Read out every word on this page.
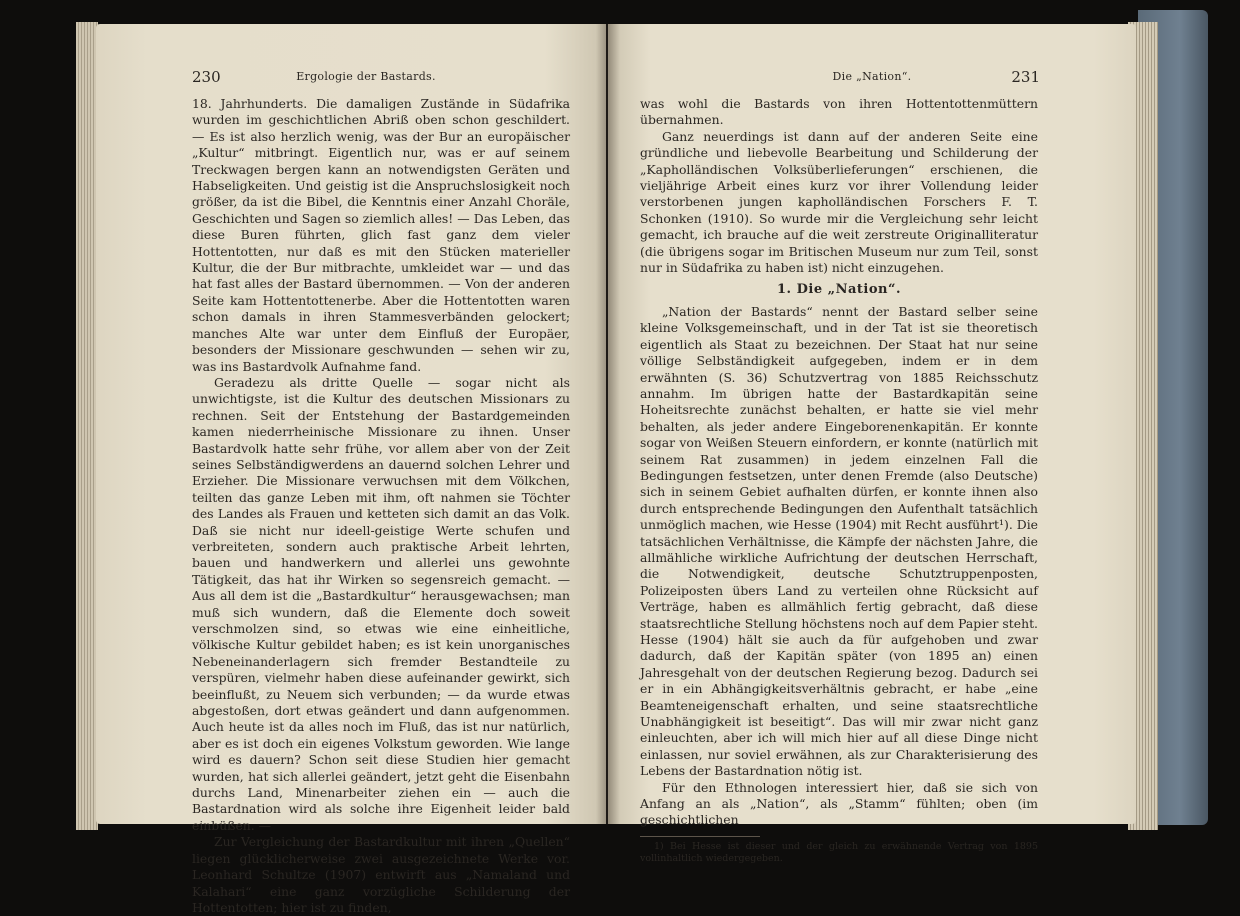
230	Ergologie der Bastards.

18. Jahrhunderts. Die damaligen Zustände in Südafrika wurden im geschichtlichen Abriß oben schon geschildert. — Es ist also herzlich wenig, was der Bur an europäischer „Kultur“ mitbringt. Eigentlich nur, was er auf seinem Treckwagen bergen kann an notwendigsten Geräten und Habseligkeiten. Und geistig ist die Anspruchslosigkeit noch größer, da ist die Bibel, die Kenntnis einer Anzahl Choräle, Geschichten und Sagen so ziemlich alles! — Das Leben, das diese Buren führten, glich fast ganz dem vieler Hottentotten, nur daß es mit den Stücken materieller Kultur, die der Bur mitbrachte, umkleidet war — und das hat fast alles der Bastard übernommen. — Von der anderen Seite kam Hottentottenerbe. Aber die Hottentotten waren schon damals in ihren Stammesverbänden gelockert; manches Alte war unter dem Einfluß der Europäer, besonders der Missionare geschwunden — sehen wir zu, was ins Bastardvolk Aufnahme fand.

Geradezu als dritte Quelle — sogar nicht als unwichtigste, ist die Kultur des deutschen Missionars zu rechnen. Seit der Entstehung der Bastardgemeinden kamen niederrheinische Missionare zu ihnen. Unser Bastardvolk hatte sehr frühe, vor allem aber von der Zeit seines Selbständigwerdens an dauernd solchen Lehrer und Erzieher. Die Missionare verwuchsen mit dem Völkchen, teilten das ganze Leben mit ihm, oft nahmen sie Töchter des Landes als Frauen und ketteten sich damit an das Volk. Daß sie nicht nur ideell-geistige Werte schufen und verbreiteten, sondern auch praktische Arbeit lehrten, bauen und handwerkern und allerlei uns gewohnte Tätigkeit, das hat ihr Wirken so segensreich gemacht. — Aus all dem ist die „Bastardkultur“ herausgewachsen; man muß sich wundern, daß die Elemente doch soweit verschmolzen sind, so etwas wie eine einheitliche, völkische Kultur gebildet haben; es ist kein unorganisches Nebeneinanderlagern sich fremder Bestandteile zu verspüren, vielmehr haben diese aufeinander gewirkt, sich beeinflußt, zu Neuem sich verbunden; — da wurde etwas abgestoßen, dort etwas geändert und dann aufgenommen. Auch heute ist da alles noch im Fluß, das ist nur natürlich, aber es ist doch ein eigenes Volkstum geworden. Wie lange wird es dauern? Schon seit diese Studien hier gemacht wurden, hat sich allerlei geändert, jetzt geht die Eisenbahn durchs Land, Minenarbeiter ziehen ein — auch die Bastardnation wird als solche ihre Eigenheit leider bald einbüßen. —

Zur Vergleichung der Bastardkultur mit ihren „Quellen“ liegen glücklicherweise zwei ausgezeichnete Werke vor. Leonhard Schultze (1907) entwirft aus „Namaland und Kalahari“ eine ganz vorzügliche Schilderung der Hottentotten; hier ist zu finden,

Die „Nation“.	231

was wohl die Bastards von ihren Hottentottenmüttern übernahmen.

Ganz neuerdings ist dann auf der anderen Seite eine gründliche und liebevolle Bearbeitung und Schilderung der „Kapholländischen Volksüberlieferungen“ erschienen, die vieljährige Arbeit eines kurz vor ihrer Vollendung leider verstorbenen jungen kapholländischen Forschers F. T. Schonken (1910). So wurde mir die Vergleichung sehr leicht gemacht, ich brauche auf die weit zerstreute Originalliteratur (die übrigens sogar im Britischen Museum nur zum Teil, sonst nur in Südafrika zu haben ist) nicht einzugehen.

1. Die „Nation“.

„Nation der Bastards“ nennt der Bastard selber seine kleine Volksgemeinschaft, und in der Tat ist sie theoretisch eigentlich als Staat zu bezeichnen. Der Staat hat nur seine völlige Selbständigkeit aufgegeben, indem er in dem erwähnten (S. 36) Schutzvertrag von 1885 Reichsschutz annahm. Im übrigen hatte der Bastardkapitän seine Hoheitsrechte zunächst behalten, er hatte sie viel mehr behalten, als jeder andere Eingeborenenkapitän. Er konnte sogar von Weißen Steuern einfordern, er konnte (natürlich mit seinem Rat zusammen) in jedem einzelnen Fall die Bedingungen festsetzen, unter denen Fremde (also Deutsche) sich in seinem Gebiet aufhalten dürfen, er konnte ihnen also durch entsprechende Bedingungen den Aufenthalt tatsächlich unmöglich machen, wie Hesse (1904) mit Recht ausführt¹). Die tatsächlichen Verhältnisse, die Kämpfe der nächsten Jahre, die allmähliche wirkliche Aufrichtung der deutschen Herrschaft, die Notwendigkeit, deutsche Schutztruppenposten, Polizeiposten übers Land zu verteilen ohne Rücksicht auf Verträge, haben es allmählich fertig gebracht, daß diese staatsrechtliche Stellung höchstens noch auf dem Papier steht. Hesse (1904) hält sie auch da für aufgehoben und zwar dadurch, daß der Kapitän später (von 1895 an) einen Jahresgehalt von der deutschen Regierung bezog. Dadurch sei er in ein Abhängigkeitsverhältnis gebracht, er habe „eine Beamteneigenschaft erhalten, und seine staatsrechtliche Unabhängigkeit ist beseitigt“. Das will mir zwar nicht ganz einleuchten, aber ich will mich hier auf all diese Dinge nicht einlassen, nur soviel erwähnen, als zur Charakterisierung des Lebens der Bastardnation nötig ist.

Für den Ethnologen interessiert hier, daß sie sich von Anfang an als „Nation“, als „Stamm“ fühlten; oben (im geschichtlichen

1) Bei Hesse ist dieser und der gleich zu erwähnende Vertrag von 1895 vollinhaltlich wiedergegeben.
